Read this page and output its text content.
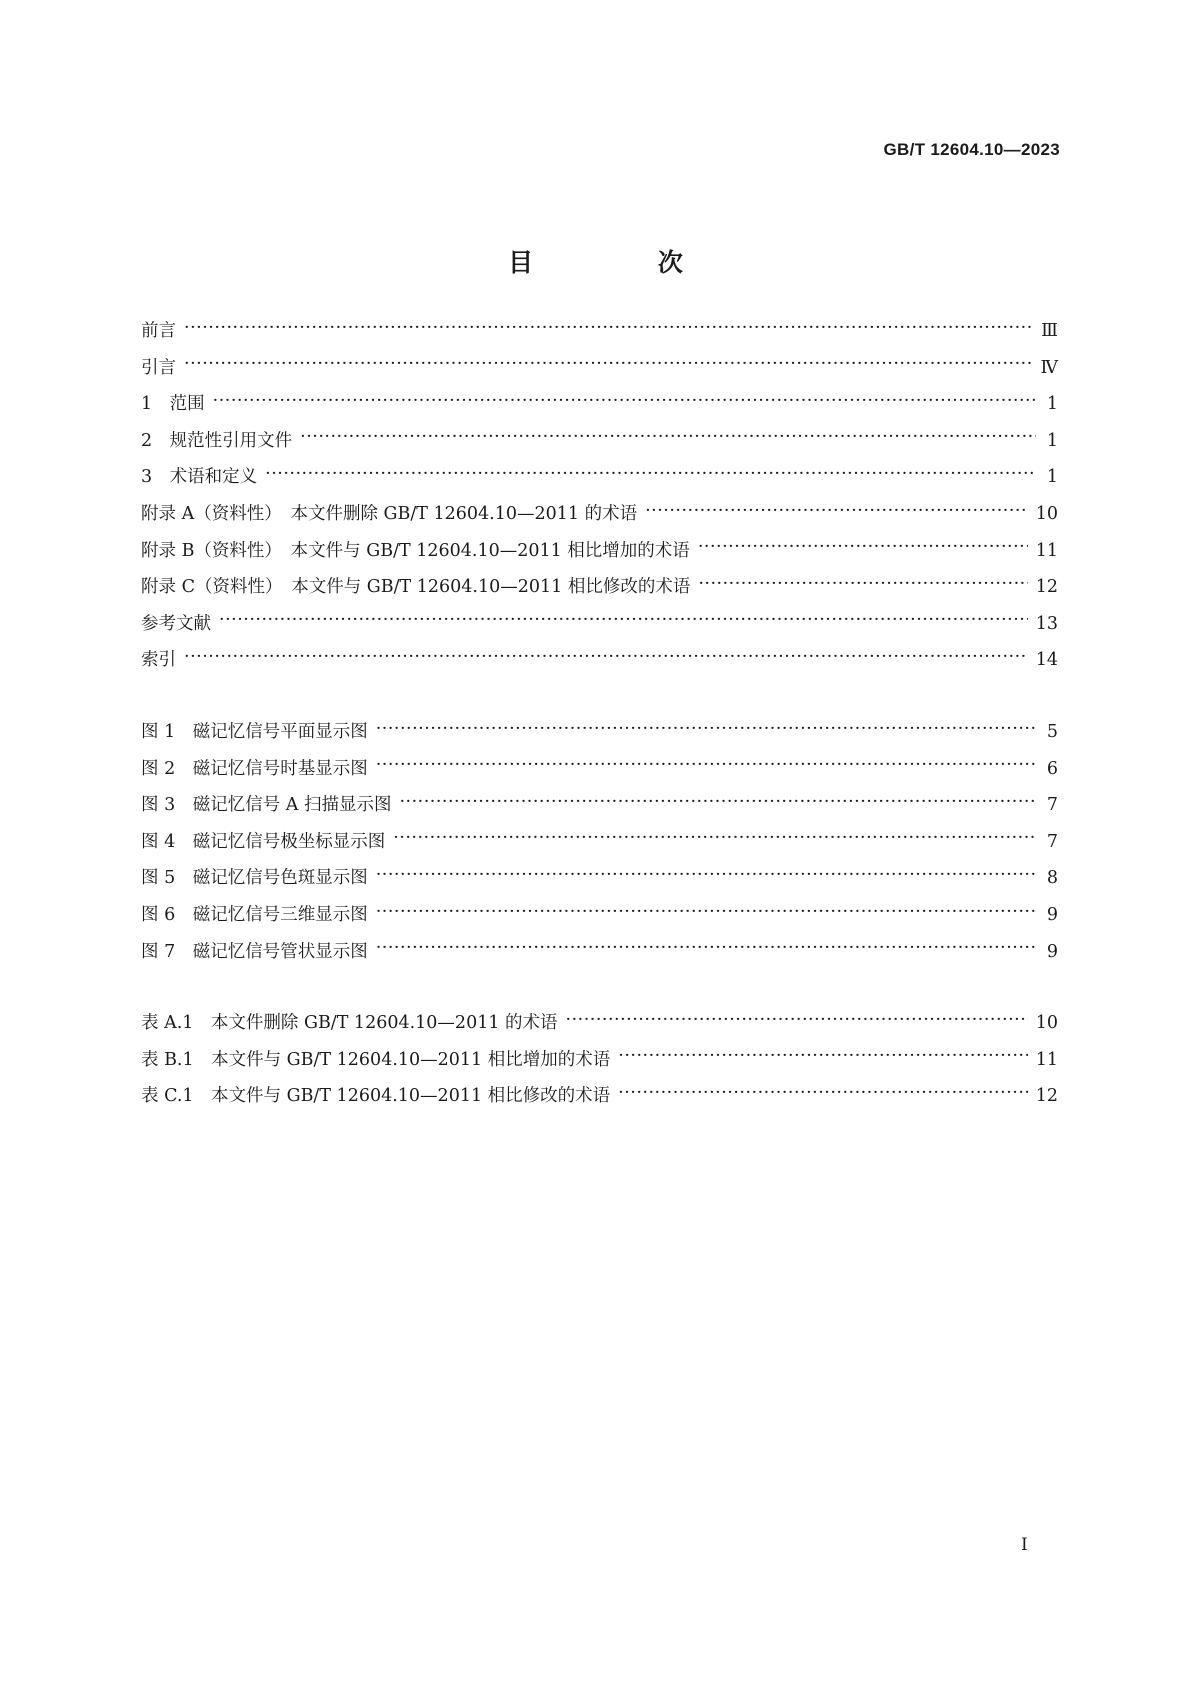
GB/T 12604.10—2023
目 次
前言 ·····	Ⅲ
引言 ·····	Ⅳ
1　范围 ·····	1
2　规范性引用文件 ·····	1
3　术语和定义 ·····	1
附录 A（资料性）　本文件删除 GB/T 12604.10—2011 的术语 ·····	10
附录 B（资料性）　本文件与 GB/T 12604.10—2011 相比增加的术语 ·····	11
附录 C（资料性）　本文件与 GB/T 12604.10—2011 相比修改的术语 ·····	12
参考文献 ·····	13
索引 ·····	14
图 1　磁记忆信号平面显示图 ·····	5
图 2　磁记忆信号时基显示图 ·····	6
图 3　磁记忆信号 A 扫描显示图 ·····	7
图 4　磁记忆信号极坐标显示图 ·····	7
图 5　磁记忆信号色斑显示图 ·····	8
图 6　磁记忆信号三维显示图 ·····	9
图 7　磁记忆信号管状显示图 ·····	9
表 A.1　本文件删除 GB/T 12604.10—2011 的术语 ·····	10
表 B.1　本文件与 GB/T 12604.10—2011 相比增加的术语 ·····	11
表 C.1　本文件与 GB/T 12604.10—2011 相比修改的术语 ·····	12
I
